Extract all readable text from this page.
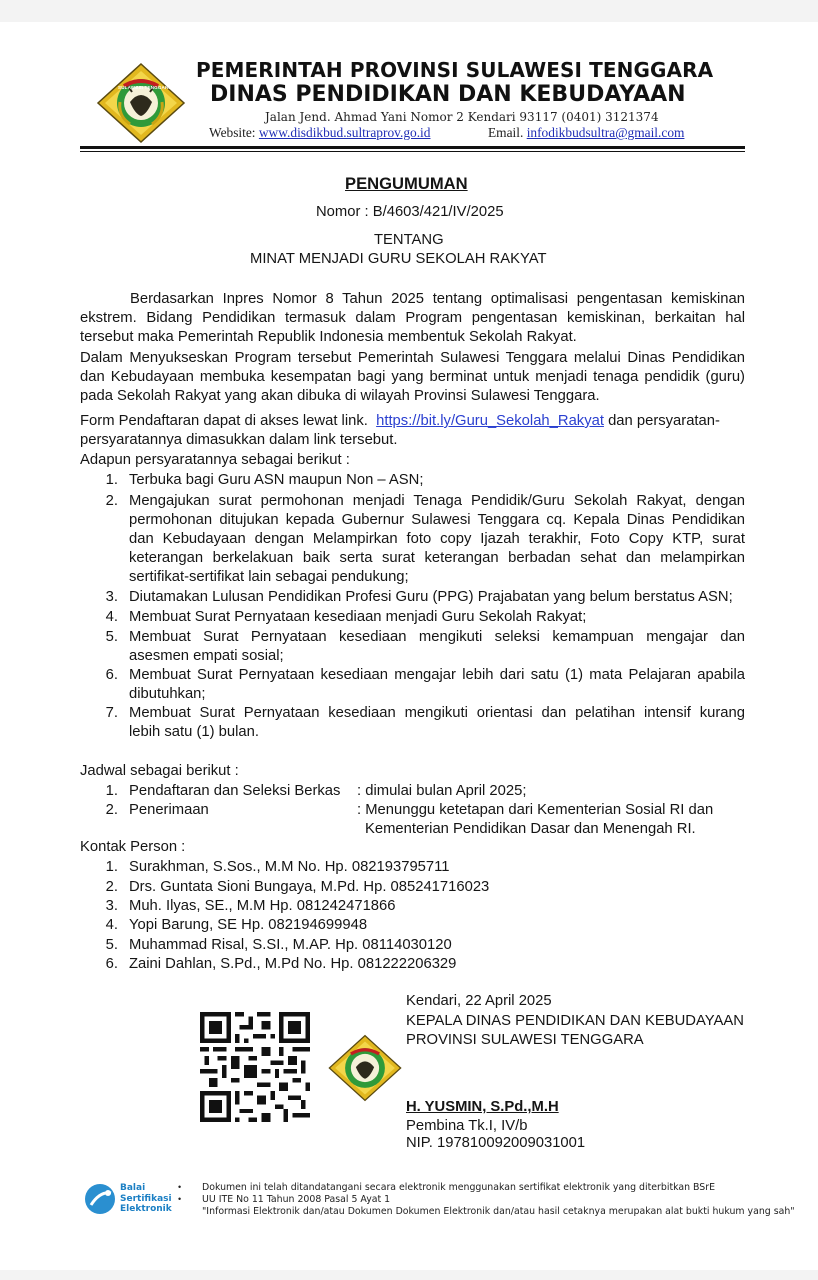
SULAWESI TENGGARA
PEMERINTAH PROVINSI SULAWESI TENGGARA
DINAS PENDIDIKAN DAN KEBUDAYAAN
Jalan Jend. Ahmad Yani Nomor 2 Kendari 93117 (0401) 3121374
Website: www.disdikbud.sultraprov.go.id	Email. infodikbudsultra@gmail.com
PENGUMUMAN
Nomor : B/4603/421/IV/2025
TENTANG
MINAT MENJADI GURU SEKOLAH RAKYAT
Berdasarkan Inpres Nomor 8 Tahun 2025 tentang optimalisasi pengentasan kemiskinan
ekstrem. Bidang Pendidikan termasuk dalam Program pengentasan kemiskinan, berkaitan hal
tersebut maka Pemerintah Republik Indonesia membentuk Sekolah Rakyat.
Dalam Menyukseskan Program tersebut Pemerintah Sulawesi Tenggara melalui Dinas Pendidikan
dan Kebudayaan membuka kesempatan bagi yang berminat untuk menjadi tenaga pendidik (guru)
pada Sekolah Rakyat yang akan dibuka di wilayah Provinsi Sulawesi Tenggara.
Form Pendaftaran dapat di akses lewat link. https://bit.ly/Guru_Sekolah_Rakyat dan persyaratan-
persyaratannya dimasukkan dalam link tersebut.
Adapun persyaratannya sebagai berikut :
1. Terbuka bagi Guru ASN maupun Non – ASN;
2. Mengajukan surat permohonan menjadi Tenaga Pendidik/Guru Sekolah Rakyat, dengan
permohonan ditujukan kepada Gubernur Sulawesi Tenggara cq. Kepala Dinas Pendidikan
dan Kebudayaan dengan Melampirkan foto copy Ijazah terakhir, Foto Copy KTP, surat
keterangan berkelakuan baik serta surat keterangan berbadan sehat dan melampirkan
sertifikat-sertifikat lain sebagai pendukung;
3. Diutamakan Lulusan Pendidikan Profesi Guru (PPG) Prajabatan yang belum berstatus ASN;
4. Membuat Surat Pernyataan kesediaan menjadi Guru Sekolah Rakyat;
5. Membuat Surat Pernyataan kesediaan mengikuti seleksi kemampuan mengajar dan
asesmen empati sosial;
6. Membuat Surat Pernyataan kesediaan mengajar lebih dari satu (1) mata Pelajaran apabila
dibutuhkan;
7. Membuat Surat Pernyataan kesediaan mengikuti orientasi dan pelatihan intensif kurang
lebih satu (1) bulan.
Jadwal sebagai berikut :
1. Pendaftaran dan Seleksi Berkas : dimulai bulan April 2025;
2. Penerimaan	: Menunggu ketetapan dari Kementerian Sosial RI dan
Kementerian Pendidikan Dasar dan Menengah RI.
Kontak Person :
1. Surakhman, S.Sos., M.M No. Hp. 082193795711
2. Drs. Guntata Sioni Bungaya, M.Pd. Hp. 085241716023
3. Muh. Ilyas, SE., M.M Hp. 081242471866
4. Yopi Barung, SE Hp. 082194699948
5. Muhammad Risal, S.SI., M.AP. Hp. 08114030120
6. Zaini Dahlan, S.Pd., M.Pd No. Hp. 081222206329
Kendari, 22 April 2025
KEPALA DINAS PENDIDIKAN DAN KEBUDAYAAN
PROVINSI SULAWESI TENGGARA
H. YUSMIN, S.Pd.,M.H
Pembina Tk.I, IV/b
NIP. 197810092009031001
Balai
Sertifikasi
Elektronik
• Dokumen ini telah ditandatangani secara elektronik menggunakan sertifikat elektronik yang diterbitkan BSrE
• UU ITE No 11 Tahun 2008 Pasal 5 Ayat 1
"Informasi Elektronik dan/atau Dokumen Dokumen Elektronik dan/atau hasil cetaknya merupakan alat bukti hukum yang sah"
